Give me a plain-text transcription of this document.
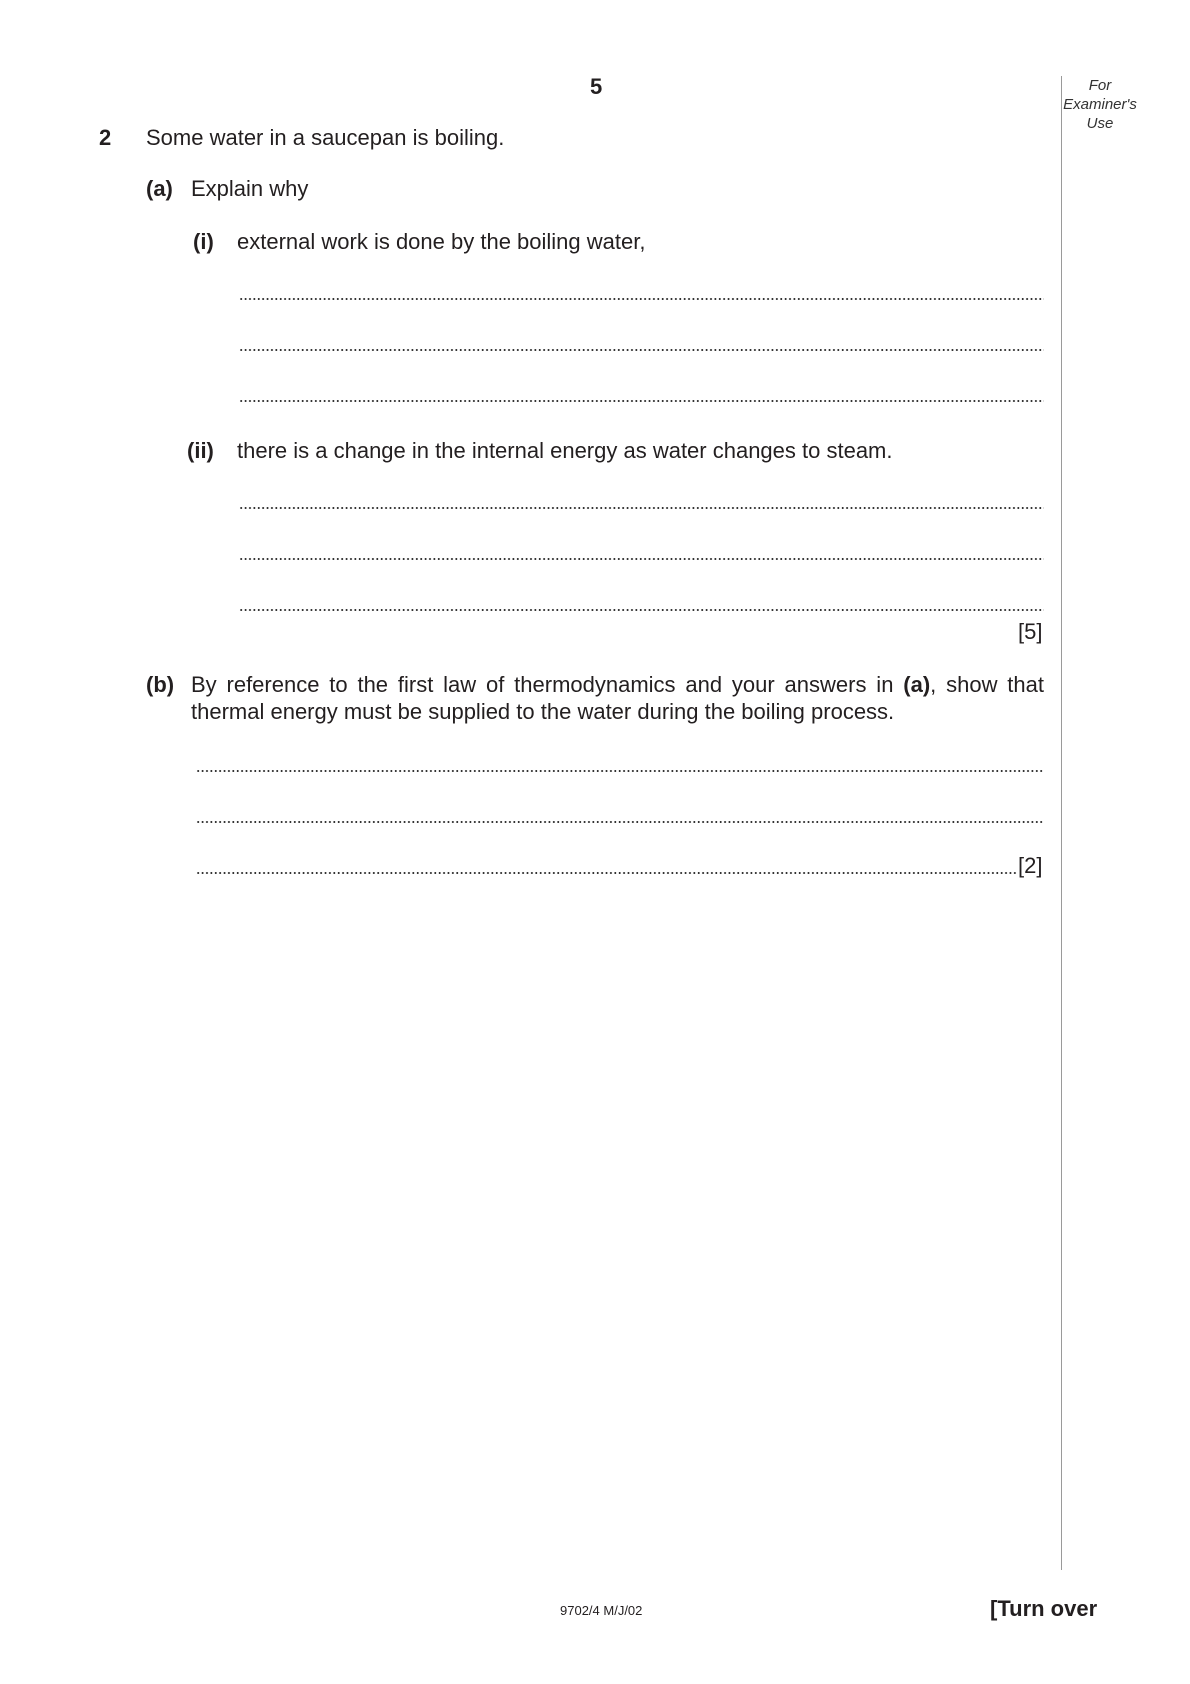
5	For
Examiner's
Use
2 Some water in a saucepan is boiling.
(a) Explain why
(i) external work is done by the boiling water,
(ii) there is a change in the internal energy as water changes to steam.
[5]
(b) By reference to the first law of thermodynamics and your answers in (a), show that thermal energy must be supplied to the water during the boiling process.
[2]
9702/4 M/J/02	[Turn over
